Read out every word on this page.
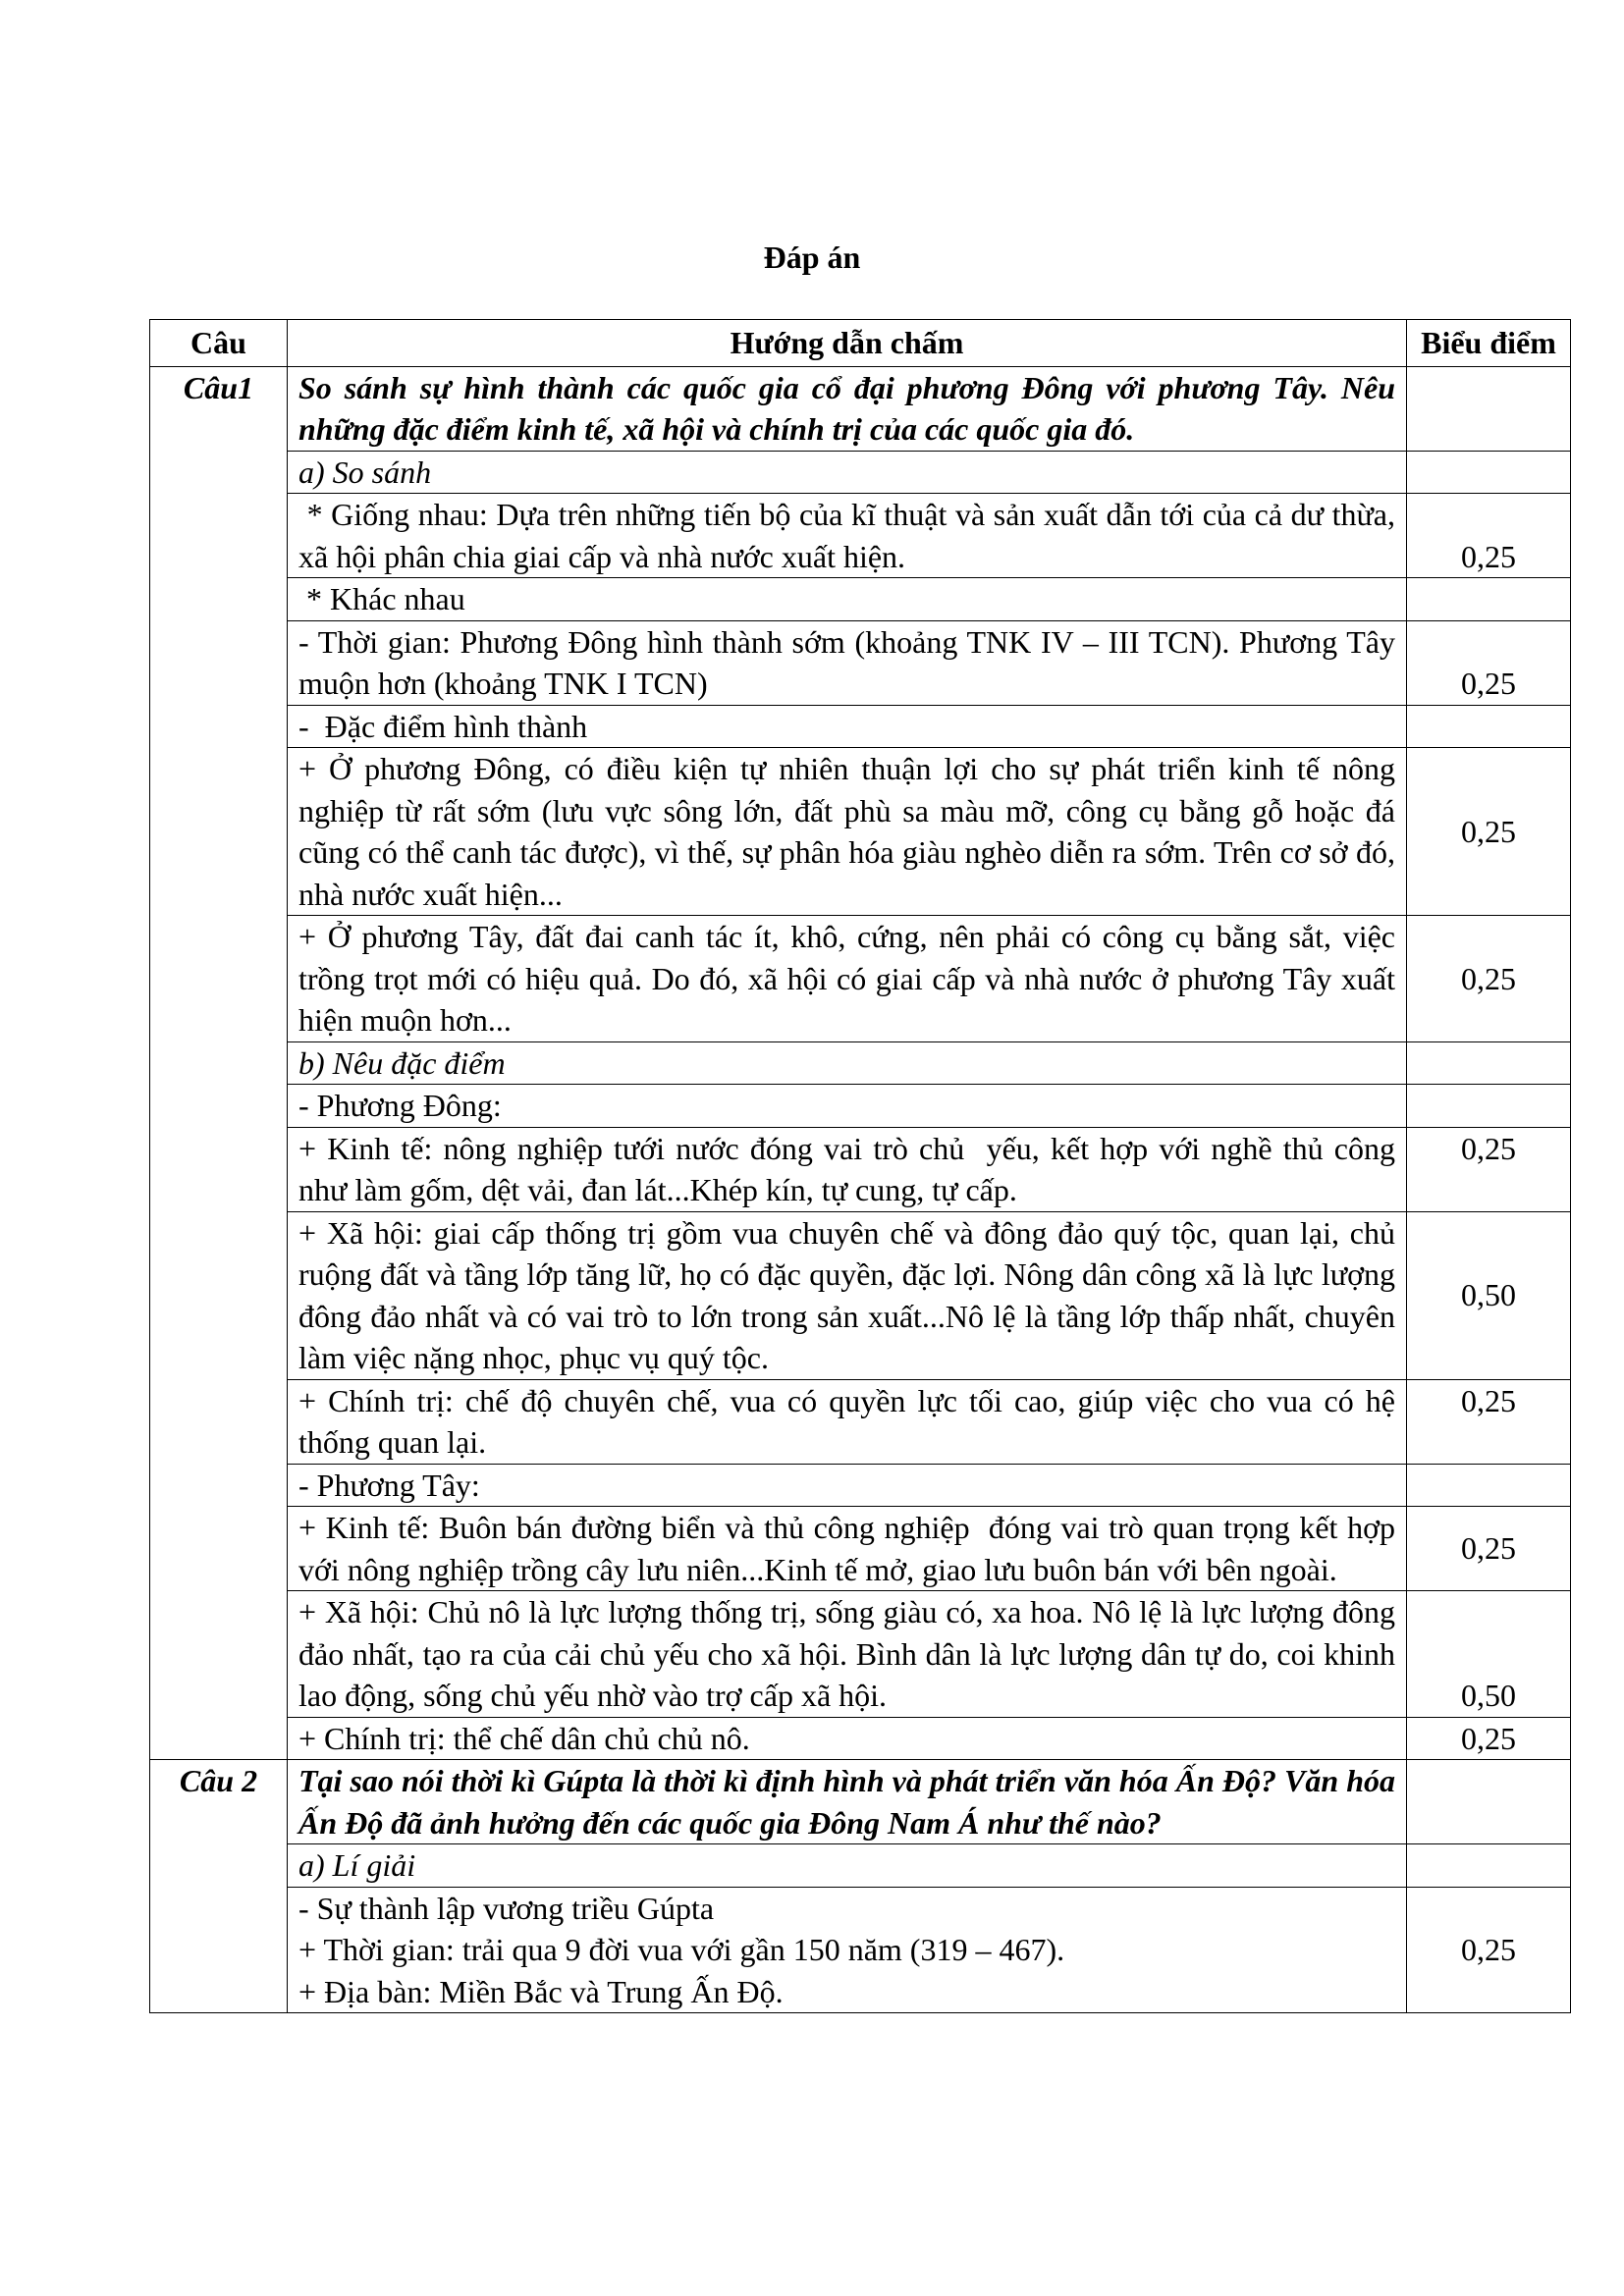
Đáp án
Câu	Hướng dẫn chấm	Biểu điểm
Câu1	So sánh sự hình thành các quốc gia cổ đại phương Đông với phương Tây. Nêu những đặc điểm kinh tế, xã hội và chính trị của các quốc gia đó.	
	a) So sánh	
	* Giống nhau: Dựa trên những tiến bộ của kĩ thuật và sản xuất dẫn tới của cả dư thừa, xã hội phân chia giai cấp và nhà nước xuất hiện.	0,25
	* Khác nhau	
	- Thời gian: Phương Đông hình thành sớm (khoảng TNK IV – III TCN). Phương Tây muộn hơn (khoảng TNK I TCN)	0,25
	-  Đặc điểm hình thành	
	+ Ở phương Đông, có điều kiện tự nhiên thuận lợi cho sự phát triển kinh tế nông nghiệp từ rất sớm (lưu vực sông lớn, đất phù sa màu mỡ, công cụ bằng gỗ hoặc đá cũng có thể canh tác được), vì thế, sự phân hóa giàu nghèo diễn ra sớm. Trên cơ sở đó, nhà nước xuất hiện...	0,25
	+ Ở phương Tây, đất đai canh tác ít, khô, cứng, nên phải có công cụ bằng sắt, việc trồng trọt mới có hiệu quả. Do đó, xã hội có giai cấp và nhà nước ở phương Tây xuất hiện muộn hơn...	0,25
	b) Nêu đặc điểm	
	- Phương Đông:	
	+ Kinh tế: nông nghiệp tưới nước đóng vai trò chủ  yếu, kết hợp với nghề thủ công như làm gốm, dệt vải, đan lát...Khép kín, tự cung, tự cấp.	0,25
	+ Xã hội: giai cấp thống trị gồm vua chuyên chế và đông đảo quý tộc, quan lại, chủ ruộng đất và tầng lớp tăng lữ, họ có đặc quyền, đặc lợi. Nông dân công xã là lực lượng đông đảo nhất và có vai trò to lớn trong sản xuất...Nô lệ là tầng lớp thấp nhất, chuyên làm việc nặng nhọc, phục vụ quý tộc.	0,50
	+ Chính trị: chế độ chuyên chế, vua có quyền lực tối cao, giúp việc cho vua có hệ thống quan lại.	0,25
	- Phương Tây:	
	+ Kinh tế: Buôn bán đường biển và thủ công nghiệp  đóng vai trò quan trọng kết hợp với nông nghiệp trồng cây lưu niên...Kinh tế mở, giao lưu buôn bán với bên ngoài.	0,25
	+ Xã hội: Chủ nô là lực lượng thống trị, sống giàu có, xa hoa. Nô lệ là lực lượng đông đảo nhất, tạo ra của cải chủ yếu cho xã hội. Bình dân là lực lượng dân tự do, coi khinh lao động, sống chủ yếu nhờ vào trợ cấp xã hội.	0,50
	+ Chính trị: thể chế dân chủ chủ nô.	0,25
Câu 2	Tại sao nói thời kì Gúpta là thời kì định hình và phát triển văn hóa Ấn Độ? Văn hóa Ấn Độ đã ảnh hưởng đến các quốc gia Đông Nam Á như thế nào?	
	a) Lí giải	

	- Sự thành lập vương triều Gúpta
+ Thời gian: trải qua 9 đời vua với gần 150 năm (319 – 467).
+ Địa bàn: Miền Bắc và Trung Ấn Độ.	0,25
